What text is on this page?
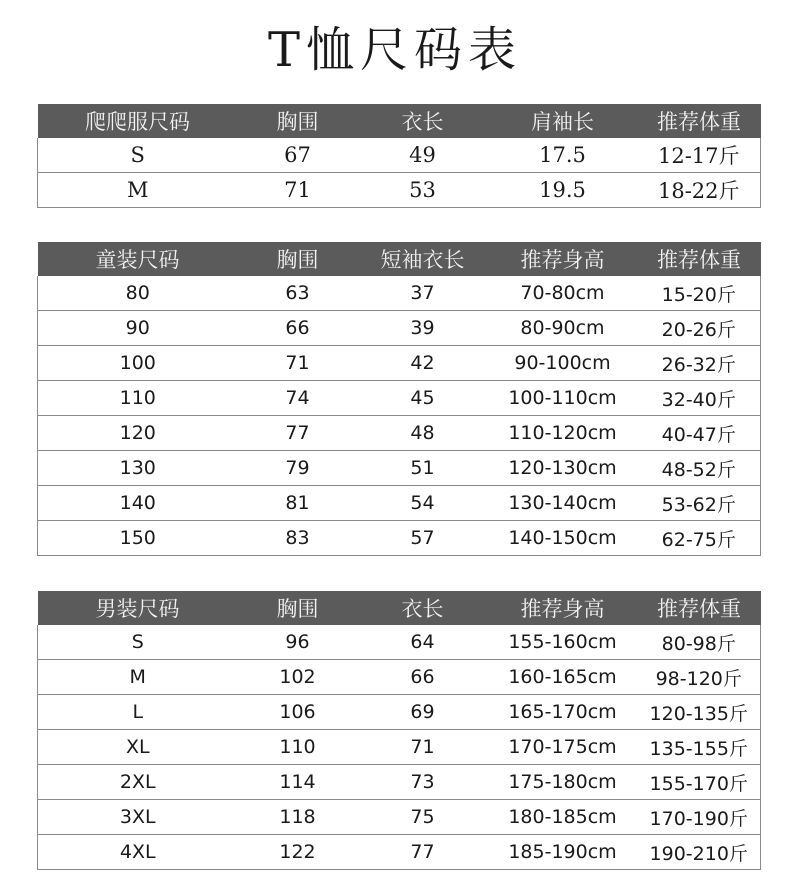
T恤尺码表
爬爬服尺码	胸围	衣长	肩袖长	推荐体重
S	67	49	17.5	12-17斤
M	71	53	19.5	18-22斤
童装尺码	胸围	短袖衣长	推荐身高	推荐体重
80	63	37	70-80cm	15-20斤
90	66	39	80-90cm	20-26斤
100	71	42	90-100cm	26-32斤
110	74	45	100-110cm	32-40斤
120	77	48	110-120cm	40-47斤
130	79	51	120-130cm	48-52斤
140	81	54	130-140cm	53-62斤
150	83	57	140-150cm	62-75斤
男装尺码	胸围	衣长	推荐身高	推荐体重
S	96	64	155-160cm	80-98斤
M	102	66	160-165cm	98-120斤
L	106	69	165-170cm	120-135斤
XL	110	71	170-175cm	135-155斤
2XL	114	73	175-180cm	155-170斤
3XL	118	75	180-185cm	170-190斤
4XL	122	77	185-190cm	190-210斤
